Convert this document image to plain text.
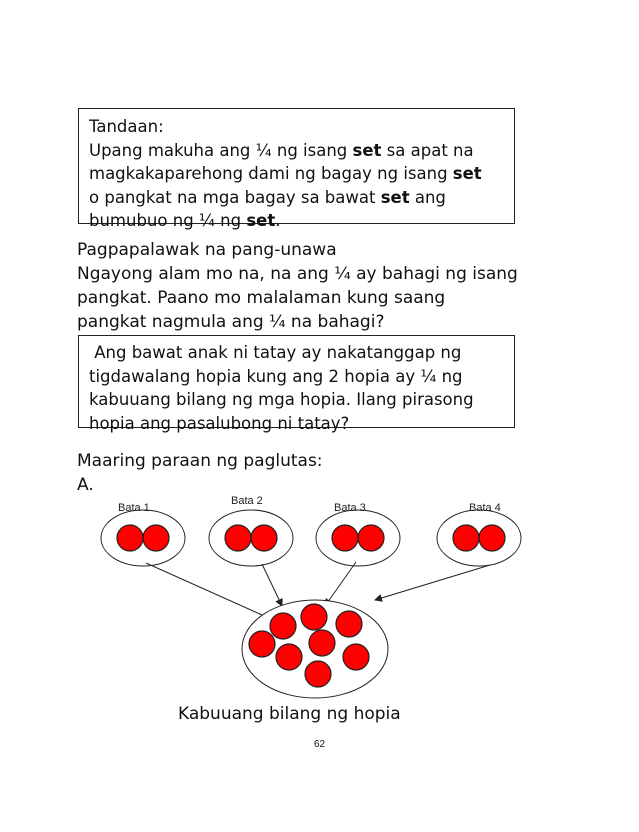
Tandaan:
Upang makuha ang ¼ ng isang set sa apat na
magkakaparehong dami ng bagay ng isang set
o pangkat na mga bagay sa bawat set ang
bumubuo ng ¼ ng set.
Pagpapalawak na pang-unawa
Ngayong alam mo na, na ang ¼ ay bahagi ng isang
pangkat. Paano mo malalaman kung saang
pangkat nagmula ang ¼ na bahagi?
Ang bawat anak ni tatay ay nakatanggap ng
tigdawalang hopia kung ang 2 hopia ay ¼ ng
kabuuang bilang ng mga hopia. Ilang pirasong
hopia ang pasalubong ni tatay?
Maaring paraan ng paglutas:
A.
Bata 1
Bata 2
Bata 3	Bata 4
Kabuuang bilang ng hopia
62
